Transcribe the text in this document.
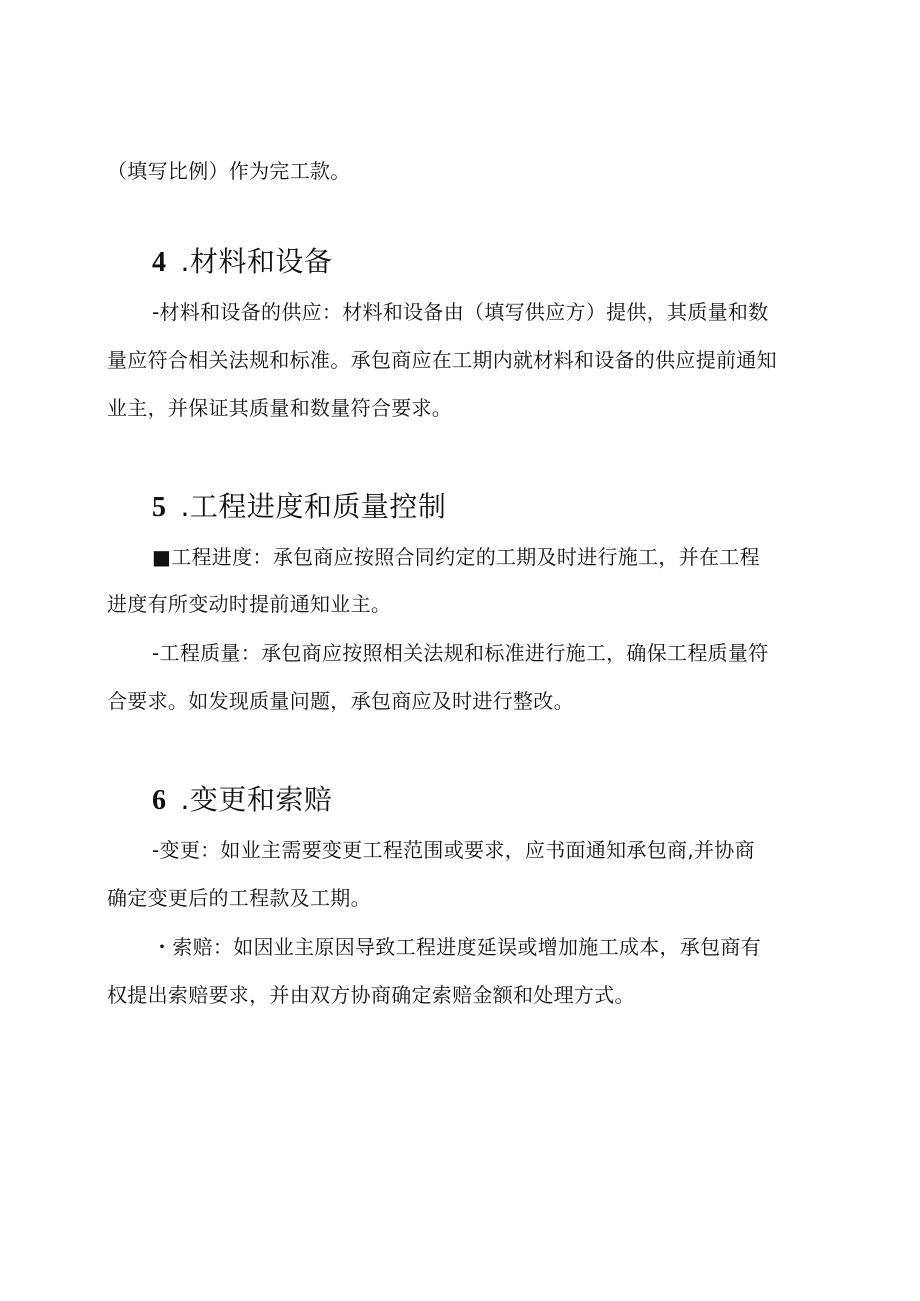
（填写比例）作为完工款。
4 .材料和设备
-材料和设备的供应：材料和设备由（填写供应方）提供，其质量和数
量应符合相关法规和标准。承包商应在工期内就材料和设备的供应提前通知
业主，并保证其质量和数量符合要求。
5 .工程进度和质量控制
■工程进度：承包商应按照合同约定的工期及时进行施工，并在工程
进度有所变动时提前通知业主。
-工程质量：承包商应按照相关法规和标准进行施工，确保工程质量符
合要求。如发现质量问题，承包商应及时进行整改。
6 .变更和索赔
-变更：如业主需要变更工程范围或要求，应书面通知承包商,并协商
确定变更后的工程款及工期。
・索赔：如因业主原因导致工程进度延误或增加施工成本，承包商有
权提出索赔要求，并由双方协商确定索赔金额和处理方式。
